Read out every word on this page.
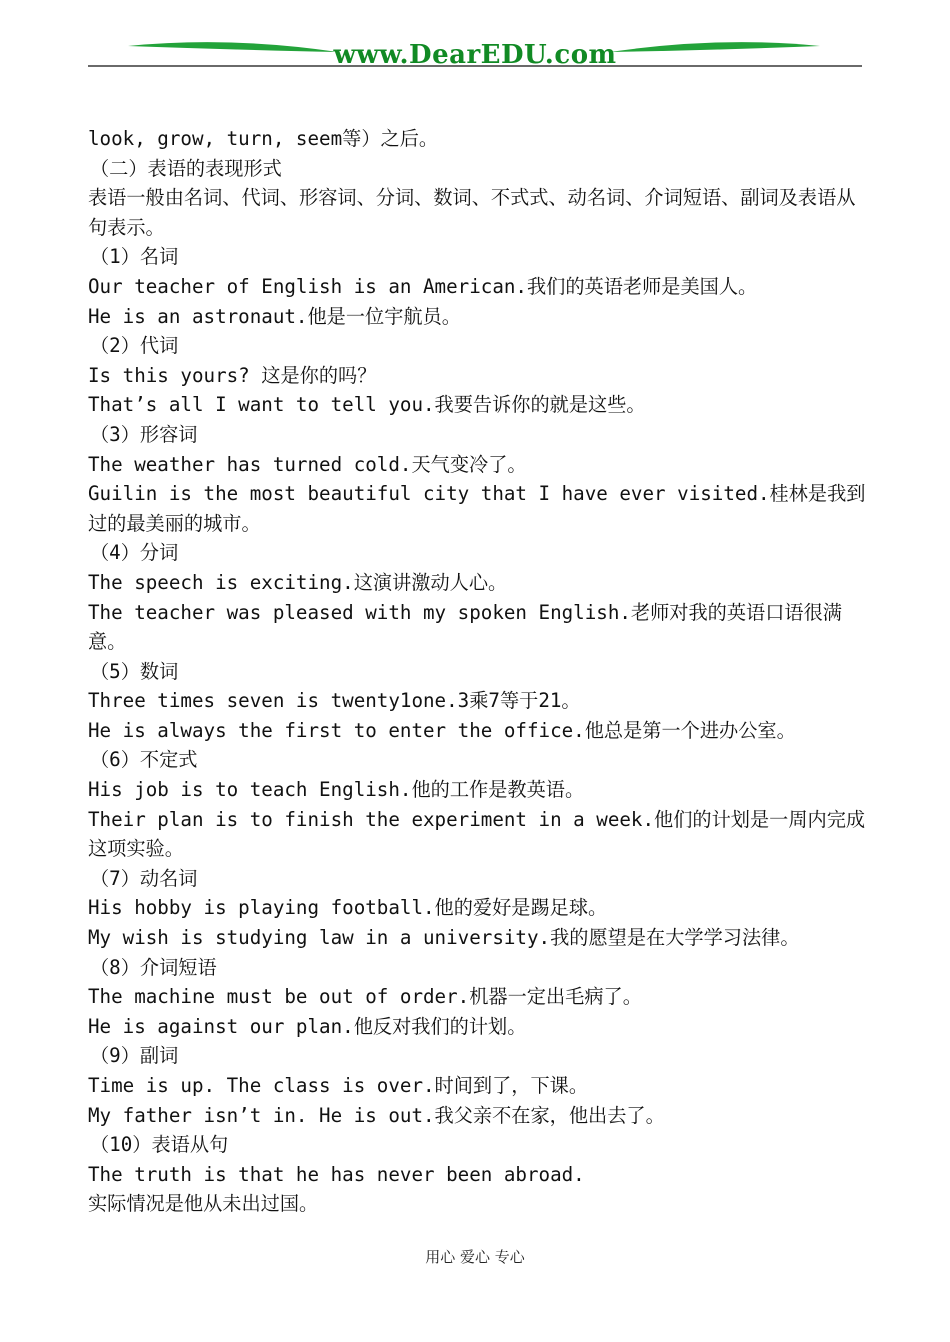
www.DearEDU.com

look, grow, turn, seem等）之后。

（二）表语的表现形式

表语一般由名词、代词、形容词、分词、数词、不式式、动名词、介词短语、副词及表语从句表示。

（1）名词

Our teacher of English is an American.我们的英语老师是美国人。

He is an astronaut.他是一位宇航员。

（2）代词

Is this yours? 这是你的吗？

That’s all I want to tell you.我要告诉你的就是这些。

（3）形容词

The weather has turned cold.天气变冷了。

Guilin is the most beautiful city that I have ever visited.桂林是我到过的最美丽的城市。

（4）分词

The speech is exciting.这演讲激动人心。

The teacher was pleased with my spoken English.老师对我的英语口语很满意。

（5）数词

Three times seven is twenty1one.3乘7等于21。

He is always the first to enter the office.他总是第一个进办公室。

（6）不定式

His job is to teach English.他的工作是教英语。

Their plan is to finish the experiment in a week.他们的计划是一周内完成这项实验。

（7）动名词

His hobby is playing football.他的爱好是踢足球。

My wish is studying law in a university.我的愿望是在大学学习法律。

（8）介词短语

The machine must be out of order.机器一定出毛病了。

He is against our plan.他反对我们的计划。

（9）副词

Time is up. The class is over.时间到了，下课。

My father isn’t in. He is out.我父亲不在家，他出去了。

（10）表语从句

The truth is that he has never been abroad.

实际情况是他从未出过国。

用心 爱心 专心
